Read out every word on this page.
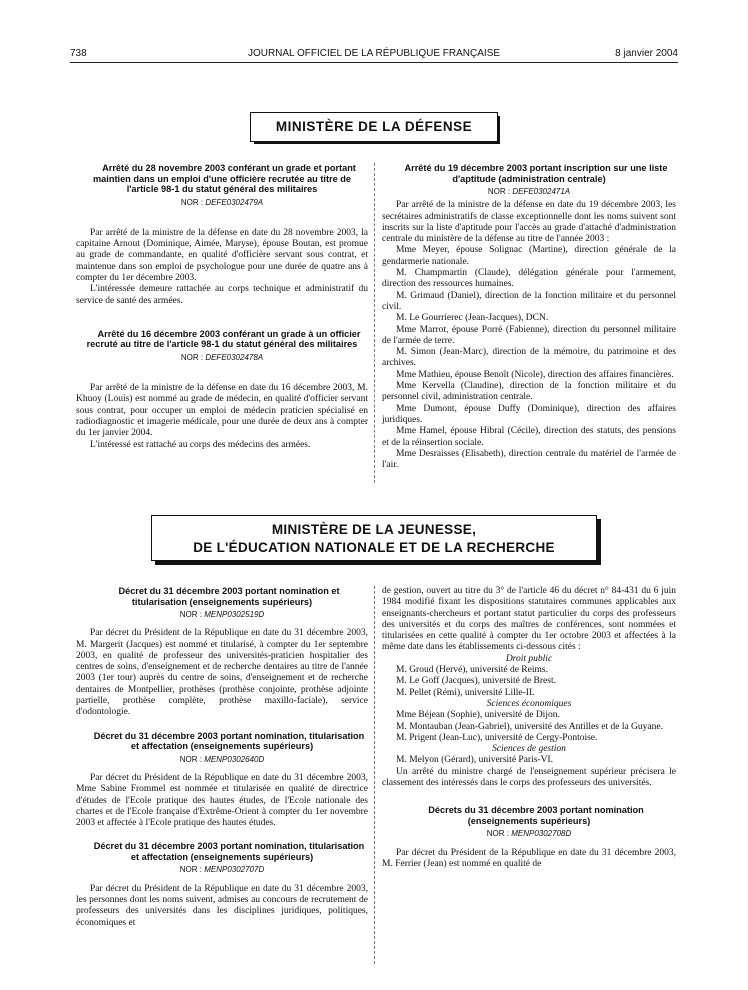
738	JOURNAL OFFICIEL DE LA RÉPUBLIQUE FRANÇAISE	8 janvier 2004
MINISTÈRE DE LA DÉFENSE

Arrêté du 28 novembre 2003 conférant un grade et portant maintien dans un emploi d'une officière recrutée au titre de l'article 98-1 du statut général des militaires

NOR : DEFE0302479A

Par arrêté de la ministre de la défense en date du 28 novembre 2003, la capitaine Arnout (Dominique, Aimée, Maryse), épouse Boutan, est promue au grade de commandante, en qualité d'officière servant sous contrat, et maintenue dans son emploi de psychologue pour une durée de quatre ans à compter du 1er décembre 2003.

L'intéressée demeure rattachée au corps technique et administratif du service de santé des armées.

Arrêté du 16 décembre 2003 conférant un grade à un officier recruté au titre de l'article 98-1 du statut général des militaires

NOR : DEFE0302478A

Par arrêté de la ministre de la défense en date du 16 décembre 2003, M. Khuoy (Louis) est nommé au grade de médecin, en qualité d'officier servant sous contrat, pour occuper un emploi de médecin praticien spécialisé en radiodiagnostic et imagerie médicale, pour une durée de deux ans à compter du 1er janvier 2004.

L'intéressé est rattaché au corps des médecins des armées.

Arrêté du 19 décembre 2003 portant inscription sur une liste d'aptitude (administration centrale)

NOR : DEFE0302471A

Par arrêté de la ministre de la défense en date du 19 décembre 2003, les secrétaires administratifs de classe exceptionnelle dont les noms suivent sont inscrits sur la liste d'aptitude pour l'accès au grade d'attaché d'administration centrale du ministère de la défense au titre de l'année 2003 :

Mme Meyer, épouse Solignac (Martine), direction générale de la gendarmerie nationale.

M. Champmartin (Claude), délégation générale pour l'armement, direction des ressources humaines.

M. Grimaud (Daniel), direction de la fonction militaire et du personnel civil.

M. Le Gourrierec (Jean-Jacques), DCN.

Mme Marrot, épouse Porré (Fabienne), direction du personnel militaire de l'armée de terre.

M. Simon (Jean-Marc), direction de la mémoire, du patrimoine et des archives.

Mme Mathieu, épouse Benoît (Nicole), direction des affaires financières.

Mme Kervella (Claudine), direction de la fonction militaire et du personnel civil, administration centrale.

Mme Dumont, épouse Duffy (Dominique), direction des affaires juridiques.

Mme Hamel, épouse Hibral (Cécile), direction des statuts, des pensions et de la réinsertion sociale.

Mme Desraisses (Elisabeth), direction centrale du matériel de l'armée de l'air.

MINISTÈRE DE LA JEUNESSE,
DE L'ÉDUCATION NATIONALE ET DE LA RECHERCHE

Décret du 31 décembre 2003 portant nomination et titularisation (enseignements supérieurs)

NOR : MENP0302519D

Par décret du Président de la République en date du 31 décembre 2003, M. Margerit (Jacques) est nommé et titularisé, à compter du 1er septembre 2003, en qualité de professeur des universités-praticien hospitalier des centres de soins, d'enseignement et de recherche dentaires au titre de l'année 2003 (1er tour) auprès du centre de soins, d'enseignement et de recherche dentaires de Montpellier, prothèses (prothèse conjointe, prothèse adjointe partielle, prothèse complète, prothèse maxillo-faciale), service d'odontologie.

Décret du 31 décembre 2003 portant nomination, titularisation et affectation (enseignements supérieurs)

NOR : MENP0302640D

Par décret du Président de la République en date du 31 décembre 2003, Mme Sabine Frommel est nommée et titularisée en qualité de directrice d'études de l'Ecole pratique des hautes études, de l'Ecole nationale des chartes et de l'Ecole française d'Extrême-Orient à compter du 1er novembre 2003 et affectée à l'Ecole pratique des hautes études.

Décret du 31 décembre 2003 portant nomination, titularisation et affectation (enseignements supérieurs)

NOR : MENP0302707D

Par décret du Président de la République en date du 31 décembre 2003, les personnes dont les noms suivent, admises au concours de recrutement de professeurs des universités dans les disciplines juridiques, politiques, économiques et

de gestion, ouvert au titre du 3° de l'article 46 du décret n° 84-431 du 6 juin 1984 modifié fixant les dispositions statutaires communes applicables aux enseignants-chercheurs et portant statut particulier du corps des professeurs des universités et du corps des maîtres de conférences, sont nommées et titularisées en cette qualité à compter du 1er octobre 2003 et affectées à la même date dans les établissements ci-dessous cités :

Droit public

M. Groud (Hervé), université de Reims.

M. Le Goff (Jacques), université de Brest.

M. Pellet (Rémi), université Lille-II.

Sciences économiques

Mme Béjean (Sophie), université de Dijon.

M. Montauban (Jean-Gabriel), université des Antilles et de la Guyane.

M. Prigent (Jean-Luc), université de Cergy-Pontoise.

Sciences de gestion

M. Melyon (Gérard), université Paris-VI.

Un arrêté du ministre chargé de l'enseignement supérieur précisera le classement des intéressés dans le corps des professeurs des universités.

Décrets du 31 décembre 2003 portant nomination (enseignements supérieurs)

NOR : MENP0302708D

Par décret du Président de la République en date du 31 décembre 2003, M. Ferrier (Jean) est nommé en qualité de
